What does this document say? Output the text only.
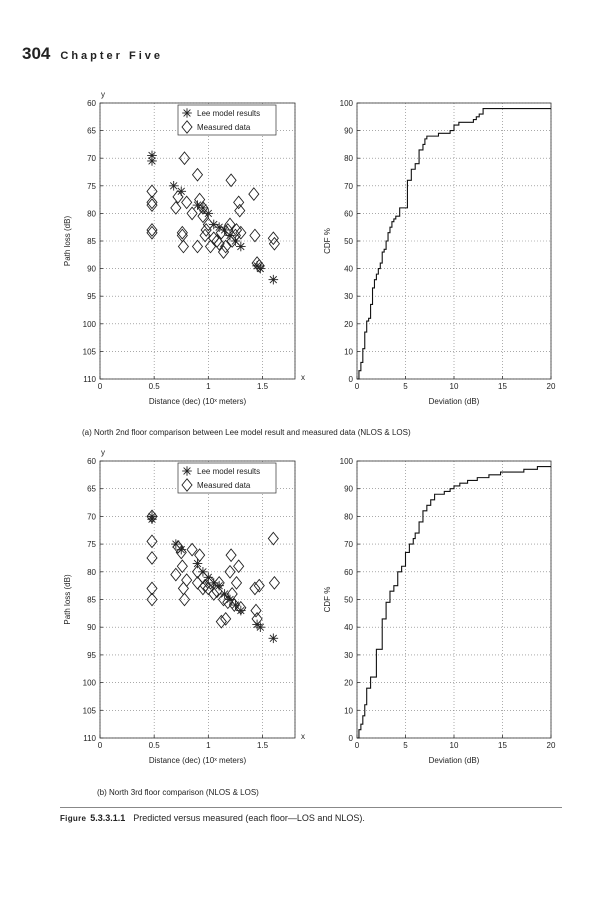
304 Chapter Five
60
65
70
75
80
85
90
95
100
105
110
0	0.5	1	1.5
Distance (dec) (10ˣ meters)
Path loss (dB)
x
y
Lee model results
Measured data
0
10
20
30
40
50
60
70
80
90
100
0	5	10	15	20
Deviation (dB)
CDF %
60
65
70
75
80
85
90
95
100
105
110
0	0.5	1	1.5
Distance (dec) (10ˣ meters)
Path loss (dB)
x
y
Lee model results
Measured data
0
10
20
30
40
50
60
70
80
90
100
0	5	10	15	20
Deviation (dB)
CDF %
(a) North 2nd floor comparison between Lee model result and measured data (NLOS & LOS)
(b) North 3rd floor comparison (NLOS & LOS)
Figure 5.3.3.1.1 Predicted versus measured (each floor—LOS and NLOS).
